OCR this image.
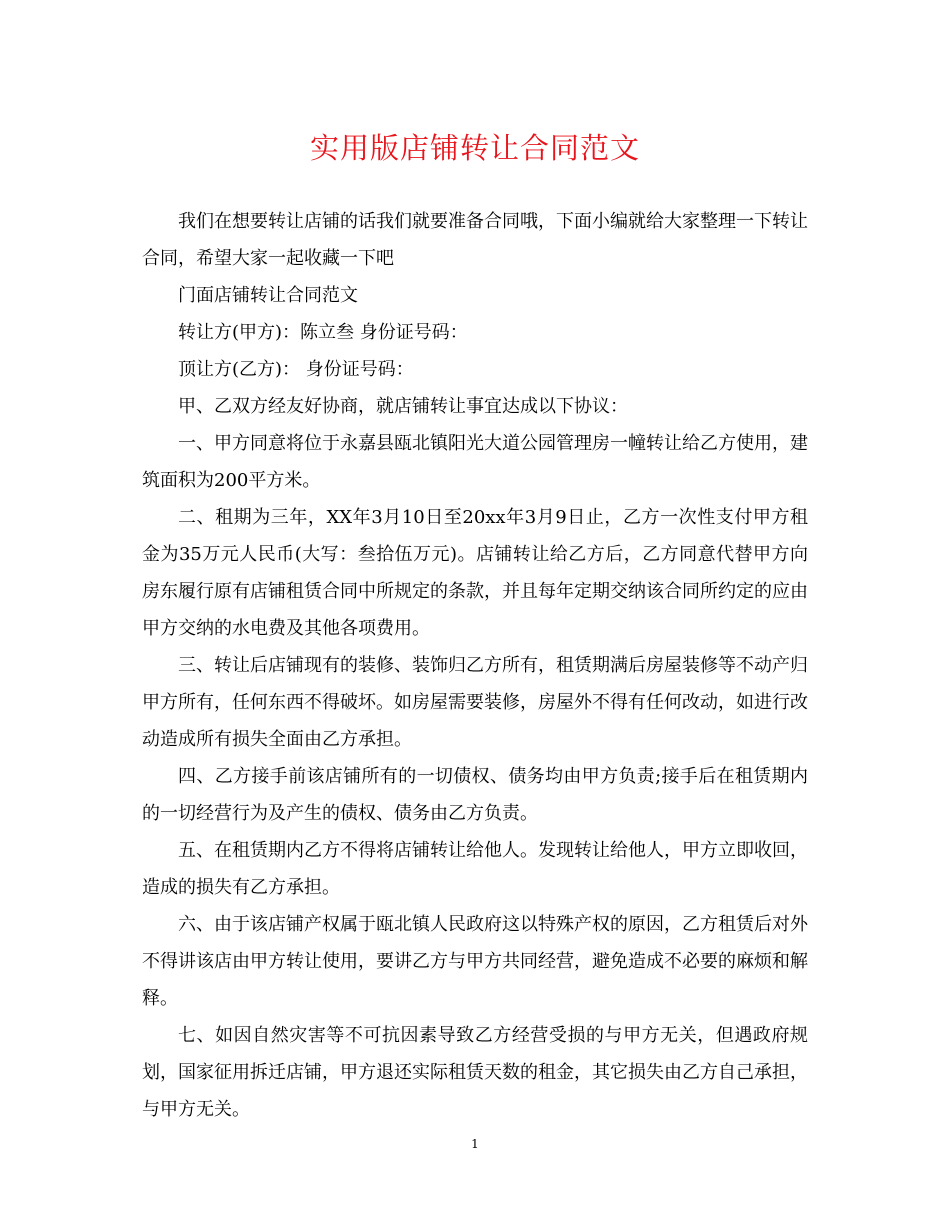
实用版店铺转让合同范文

我们在想要转让店铺的话我们就要准备合同哦，下面小编就给大家整理一下转让合同，希望大家一起收藏一下吧

门面店铺转让合同范文

转让方(甲方)：陈立叁 身份证号码：

顶让方(乙方)： 身份证号码：

甲、乙双方经友好协商，就店铺转让事宜达成以下协议：

一、甲方同意将位于永嘉县瓯北镇阳光大道公园管理房一幢转让给乙方使用，建筑面积为200平方米。

二、租期为三年，XX年3月10日至20xx年3月9日止，乙方一次性支付甲方租金为35万元人民币(大写：叁拾伍万元)。店铺转让给乙方后，乙方同意代替甲方向房东履行原有店铺租赁合同中所规定的条款，并且每年定期交纳该合同所约定的应由甲方交纳的水电费及其他各项费用。

三、转让后店铺现有的装修、装饰归乙方所有，租赁期满后房屋装修等不动产归甲方所有，任何东西不得破坏。如房屋需要装修，房屋外不得有任何改动，如进行改动造成所有损失全面由乙方承担。

四、乙方接手前该店铺所有的一切债权、债务均由甲方负责;接手后在租赁期内的一切经营行为及产生的债权、债务由乙方负责。

五、在租赁期内乙方不得将店铺转让给他人。发现转让给他人，甲方立即收回，造成的损失有乙方承担。

六、由于该店铺产权属于瓯北镇人民政府这以特殊产权的原因，乙方租赁后对外不得讲该店由甲方转让使用，要讲乙方与甲方共同经营，避免造成不必要的麻烦和解释。

七、如因自然灾害等不可抗因素导致乙方经营受损的与甲方无关，但遇政府规划，国家征用拆迁店铺，甲方退还实际租赁天数的租金，其它损失由乙方自己承担，与甲方无关。

1
